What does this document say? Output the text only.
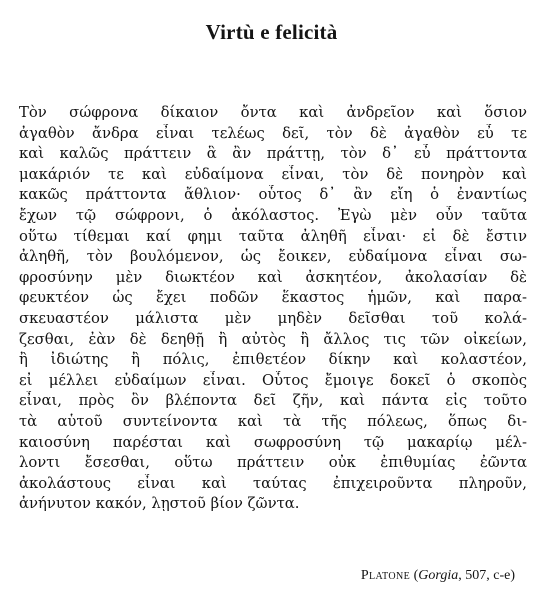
Virtù e felicità
Τὸν σώφρονα δίκαιον ὄντα καὶ ἀνδρεῖον καὶ ὅσιον
ἀγαθὸν ἄνδρα εἶναι τελέως δεῖ, τὸν δὲ ἀγαθὸν εὖ τε
καὶ καλῶς πράττειν ἃ ἂν πράττῃ, τὸν δ᾽ εὖ πράττοντα
μακάριόν τε καὶ εὐδαίμονα εἶναι, τὸν δὲ πονηρὸν καὶ
κακῶς πράττοντα ἄθλιον· οὗτος δ᾽ ἂν εἴη ὁ ἐναντίως
ἔχων τῷ σώφρονι, ὁ ἀκόλαστος. Ἐγὼ μὲν οὖν ταῦτα
οὕτω τίθεμαι καί φημι ταῦτα ἀληθῆ εἶναι· εἰ δὲ ἔστιν
ἀληθῆ, τὸν βουλόμενον, ὡς ἔοικεν, εὐδαίμονα εἶναι σω-
φροσύνην μὲν διωκτέον καὶ ἀσκητέον, ἀκολασίαν δὲ
φευκτέον ὡς ἔχει ποδῶν ἕκαστος ἡμῶν, καὶ παρα-
σκευαστέον μάλιστα μὲν μηδὲν δεῖσθαι τοῦ κολά-
ζεσθαι, ἐὰν δὲ δεηθῇ ἢ αὐτὸς ἢ ἄλλος τις τῶν οἰκείων,
ἢ ἰδιώτης ἢ πόλις, ἐπιθετέον δίκην καὶ κολαστέον,
εἰ μέλλει εὐδαίμων εἶναι. Οὗτος ἔμοιγε δοκεῖ ὁ σκοπὸς
εἶναι, πρὸς ὃν βλέποντα δεῖ ζῆν, καὶ πάντα εἰς τοῦτο
τὰ αὑτοῦ συντείνοντα καὶ τὰ τῆς πόλεως, ὅπως δι-
καιοσύνη παρέσται καὶ σωφροσύνη τῷ μακαρίῳ μέλ-
λοντι ἔσεσθαι, οὕτω πράττειν οὐκ ἐπιθυμίας ἐῶντα
ἀκολάστους εἶναι καὶ ταύτας ἐπιχειροῦντα πληροῦν,
ἀνήνυτον κακόν, λῃστοῦ βίον ζῶντα.
Platone (Gorgia, 507, c-e)
